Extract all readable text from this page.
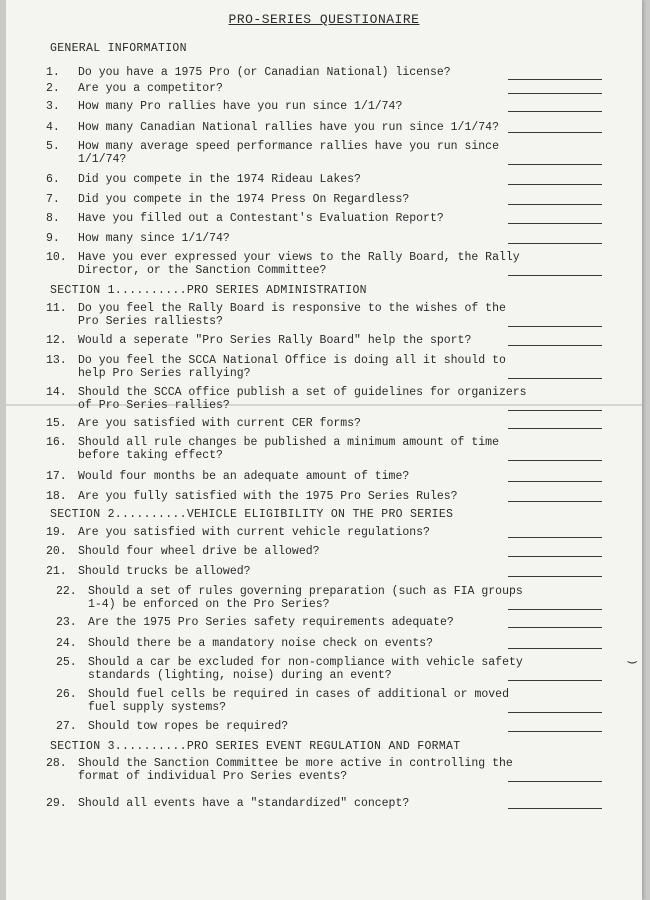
PRO-SERIES QUESTIONAIRE
GENERAL INFORMATION
1.	Do you have a 1975 Pro (or Canadian National) license?
2.	Are you a competitor?
3.	How many Pro rallies have you run since 1/1/74?
4.	How many Canadian National rallies have you run since 1/1/74?
5.	How many average speed performance rallies have you run since 1/1/74?
6.	Did you compete in the 1974 Rideau Lakes?
7.	Did you compete in the 1974 Press On Regardless?
8.	Have you filled out a Contestant's Evaluation Report?
9.	How many since 1/1/74?
10. Have you ever expressed your views to the Rally Board, the Rally Director, or the Sanction Committee?
SECTION 1..........PRO SERIES ADMINISTRATION
11. Do you feel the Rally Board is responsive to the wishes of the Pro Series ralliests?
12. Would a seperate "Pro Series Rally Board" help the sport?
13. Do you feel the SCCA National Office is doing all it should to help Pro Series rallying?
14. Should the SCCA office publish a set of guidelines for organizers of Pro Series rallies?
15. Are you satisfied with current CER forms?
16. Should all rule changes be published a minimum amount of time before taking effect?
17. Would four months be an adequate amount of time?
18. Are you fully satisfied with the 1975 Pro Series Rules?
SECTION 2..........VEHICLE ELIGIBILITY ON THE PRO SERIES
19. Are you satisfied with current vehicle regulations?
20. Should four wheel drive be allowed?
21. Should trucks be allowed?
22. Should a set of rules governing preparation (such as FIA groups 1-4) be enforced on the Pro Series?
23. Are the 1975 Pro Series safety requirements adequate?
24. Should there be a mandatory noise check on events?
25. Should a car be excluded for non-compliance with vehicle safety standards (lighting, noise) during an event?
26. Should fuel cells be required in cases of additional or moved fuel supply systems?
27. Should tow ropes be required?
SECTION 3..........PRO SERIES EVENT REGULATION AND FORMAT
28. Should the Sanction Committee be more active in controlling the format of individual Pro Series events?
29. Should all events have a "standardized" concept?
‿
